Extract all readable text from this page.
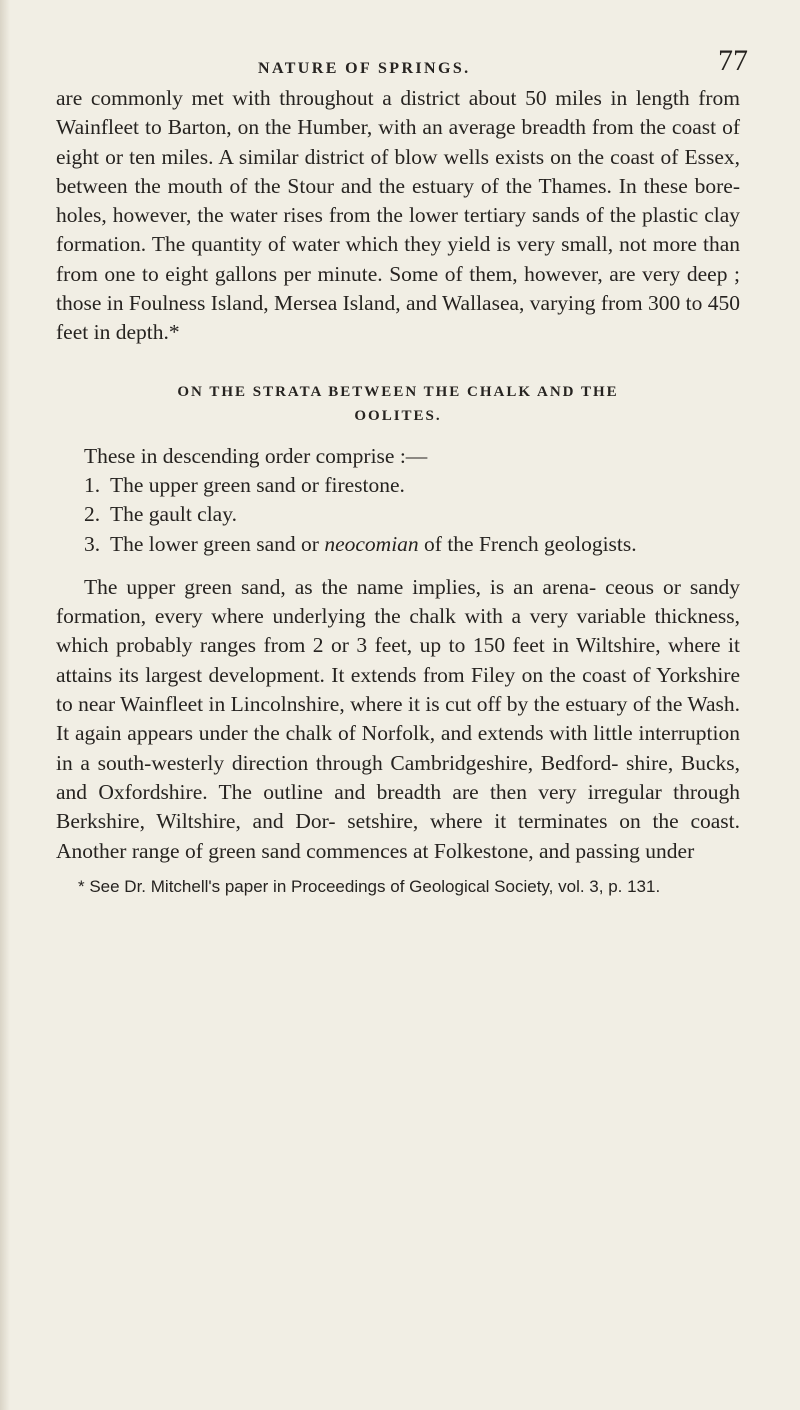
NATURE OF SPRINGS.	77

are commonly met with throughout a district about 50 miles in length from Wainfleet to Barton, on the Humber, with an average breadth from the coast of eight or ten miles. A similar district of blow wells exists on the coast of Essex, between the mouth of the Stour and the estuary of the Thames. In these bore-holes, however, the water rises from the lower tertiary sands of the plastic clay formation. The quantity of water which they yield is very small, not more than from one to eight gallons per minute. Some of them, however, are very deep ; those in Foulness Island, Mersea Island, and Wallasea, varying from 300 to 450 feet in depth.*

ON THE STRATA BETWEEN THE CHALK AND THE
OOLITES.

These in descending order comprise :—

1. The upper green sand or firestone.
2. The gault clay.
3. The lower green sand or neocomian of the French geologists.

The upper green sand, as the name implies, is an arena- ceous or sandy formation, every where underlying the chalk with a very variable thickness, which probably ranges from 2 or 3 feet, up to 150 feet in Wiltshire, where it attains its largest development. It extends from Filey on the coast of Yorkshire to near Wainfleet in Lincolnshire, where it is cut off by the estuary of the Wash. It again appears under the chalk of Norfolk, and extends with little interruption in a south-westerly direction through Cambridgeshire, Bedford- shire, Bucks, and Oxfordshire. The outline and breadth are then very irregular through Berkshire, Wiltshire, and Dor- setshire, where it terminates on the coast. Another range of green sand commences at Folkestone, and passing under

* See Dr. Mitchell's paper in Proceedings of Geological Society, vol. 3, p. 131.
